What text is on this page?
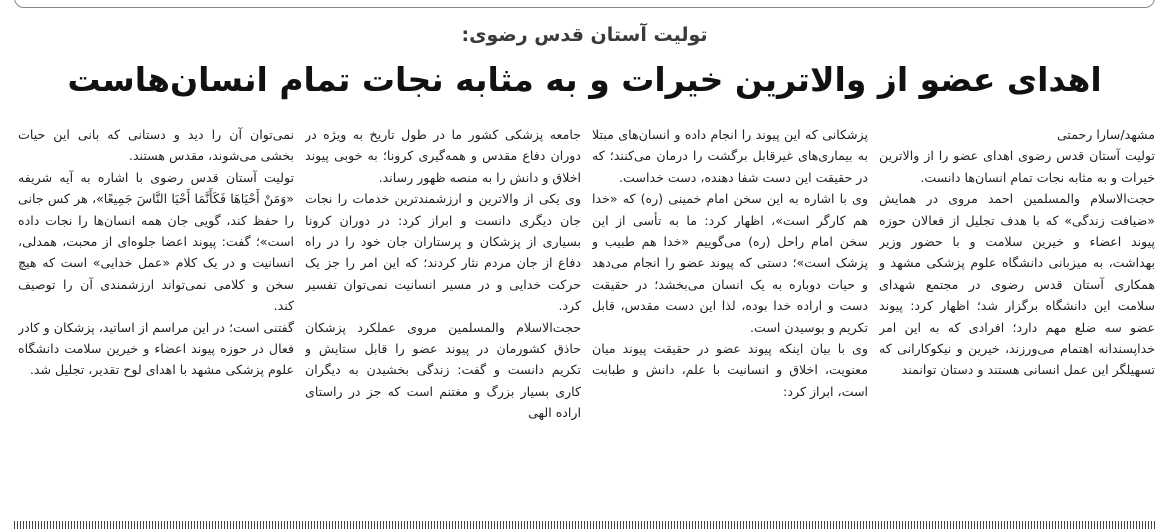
تولیت آستان قدس رضوی:
اهدای عضو از والاترین خیرات و به مثابه نجات تمام انسان‌هاست

مشهد/سارا رحمتی

تولیت آستان قدس رضوی اهدای عضو را از والاترین خیرات و به مثابه نجات تمام انسان‌ها دانست.

حجت‌الاسلام والمسلمین احمد مروی در همایش «ضیافت زندگی» که با هدف تجلیل از فعالان حوزه پیوند اعضاء و خیرین سلامت و با حضور وزیر بهداشت، به میزبانی دانشگاه علوم پزشکی مشهد و همکاری آستان قدس رضوی در مجتمع شهدای سلامت این دانشگاه برگزار شد؛ اظهار کرد: پیوند عضو سه ضلع مهم دارد؛ افرادی که به این امر خداپسندانه اهتمام می‌ورزند، خیرین و نیکوکارانی که تسهیلگر این عمل انسانی هستند و دستان توانمند

پزشکانی که این پیوند را انجام داده و انسان‌های مبتلا به بیماری‌های غیرقابل برگشت را درمان می‌کنند؛ که در حقیقت این دست شفا دهنده، دست خداست.

وی با اشاره به این سخن امام خمینی (ره) که «خدا هم کارگر است»، اظهار کرد: ما به تأسی از این سخن امام راحل (ره) می‌گوییم «خدا هم طبیب و پزشک است»؛ دستی که پیوند عضو را انجام می‌دهد و حیات دوباره به یک انسان می‌بخشد؛ در حقیقت دست و اراده خدا بوده، لذا این دست مقدس، قابل تکریم و بوسیدن است.

وی با بیان اینکه پیوند عضو در حقیقت پیوند میان معنویت، اخلاق و انسانیت با علم، دانش و طبابت است، ابراز کرد:

جامعه پزشکی کشور ما در طول تاریخ به ویژه در دوران دفاع مقدس و همه‌گیری کرونا؛ به خوبی پیوند اخلاق و دانش را به منصه ظهور رساند.

وی یکی از والاترین و ارزشمندترین خدمات را نجات جان دیگری دانست و ابراز کرد: در دوران کرونا بسیاری از پزشکان و پرستاران جان خود را در راه دفاع از جان مردم نثار کردند؛ که این امر را جز یک حرکت خدایی و در مسیر انسانیت نمی‌توان تفسیر کرد.

حجت‌الاسلام والمسلمین مروی عملکرد پزشکان حاذق کشورمان در پیوند عضو را قابل ستایش و تکریم دانست و گفت: زندگی بخشیدن به دیگران کاری بسیار بزرگ و مغتنم است که جز در راستای اراده الهی

نمی‌توان آن را دید و دستانی که بانی این حیات بخشی می‌شوند، مقدس هستند.

تولیت آستان قدس رضوی با اشاره به آیه شریفه «وَمَنْ أَحْيَاهَا فَكَأَنَّمَا أَحْيَا النَّاسَ جَمِيعًا»، هر کس جانی را حفظ کند، گویی جان همه انسان‌ها را نجات داده است»؛ گفت: پیوند اعضا جلوه‌ای از محبت، همدلی، انسانیت و در یک کلام «عمل خدایی» است که هیچ سخن و کلامی نمی‌تواند ارزشمندی آن را توصیف کند.

گفتنی است؛ در این مراسم از اساتید، پزشکان و کادر فعال در حوزه پیوند اعضاء و خیرین سلامت دانشگاه علوم پزشکی مشهد با اهدای لوح تقدیر، تجلیل شد.
